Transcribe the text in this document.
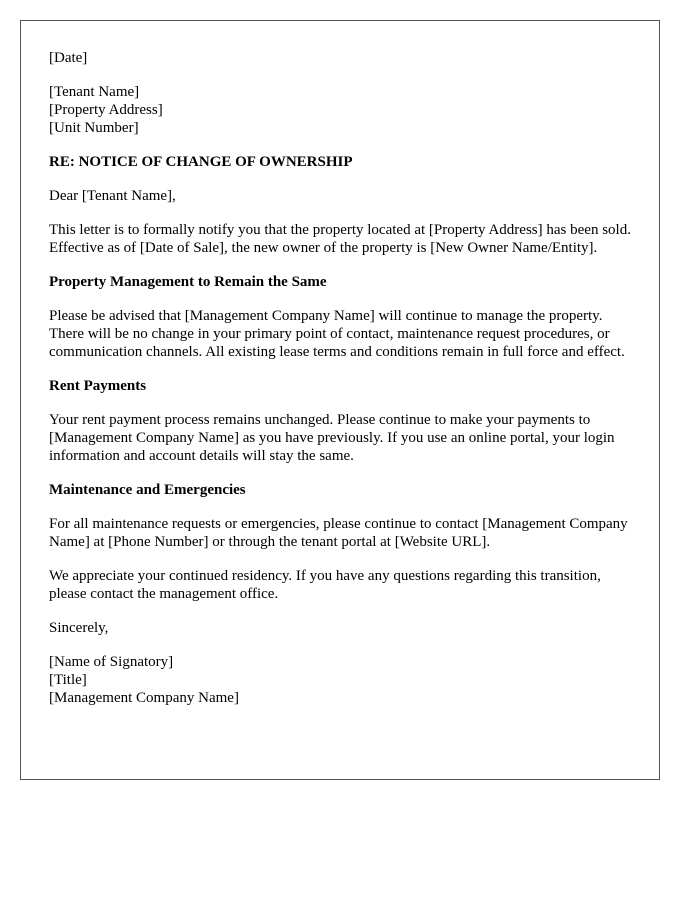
[Date]
[Tenant Name]
[Property Address]
[Unit Number]
RE: NOTICE OF CHANGE OF OWNERSHIP
Dear [Tenant Name],
This letter is to formally notify you that the property located at [Property Address] has been sold. Effective as of [Date of Sale], the new owner of the property is [New Owner Name/Entity].
Property Management to Remain the Same
Please be advised that [Management Company Name] will continue to manage the property. There will be no change in your primary point of contact, maintenance request procedures, or communication channels. All existing lease terms and conditions remain in full force and effect.
Rent Payments
Your rent payment process remains unchanged. Please continue to make your payments to [Management Company Name] as you have previously. If you use an online portal, your login information and account details will stay the same.
Maintenance and Emergencies
For all maintenance requests or emergencies, please continue to contact [Management Company Name] at [Phone Number] or through the tenant portal at [Website URL].
We appreciate your continued residency. If you have any questions regarding this transition, please contact the management office.
Sincerely,
[Name of Signatory]
[Title]
[Management Company Name]
